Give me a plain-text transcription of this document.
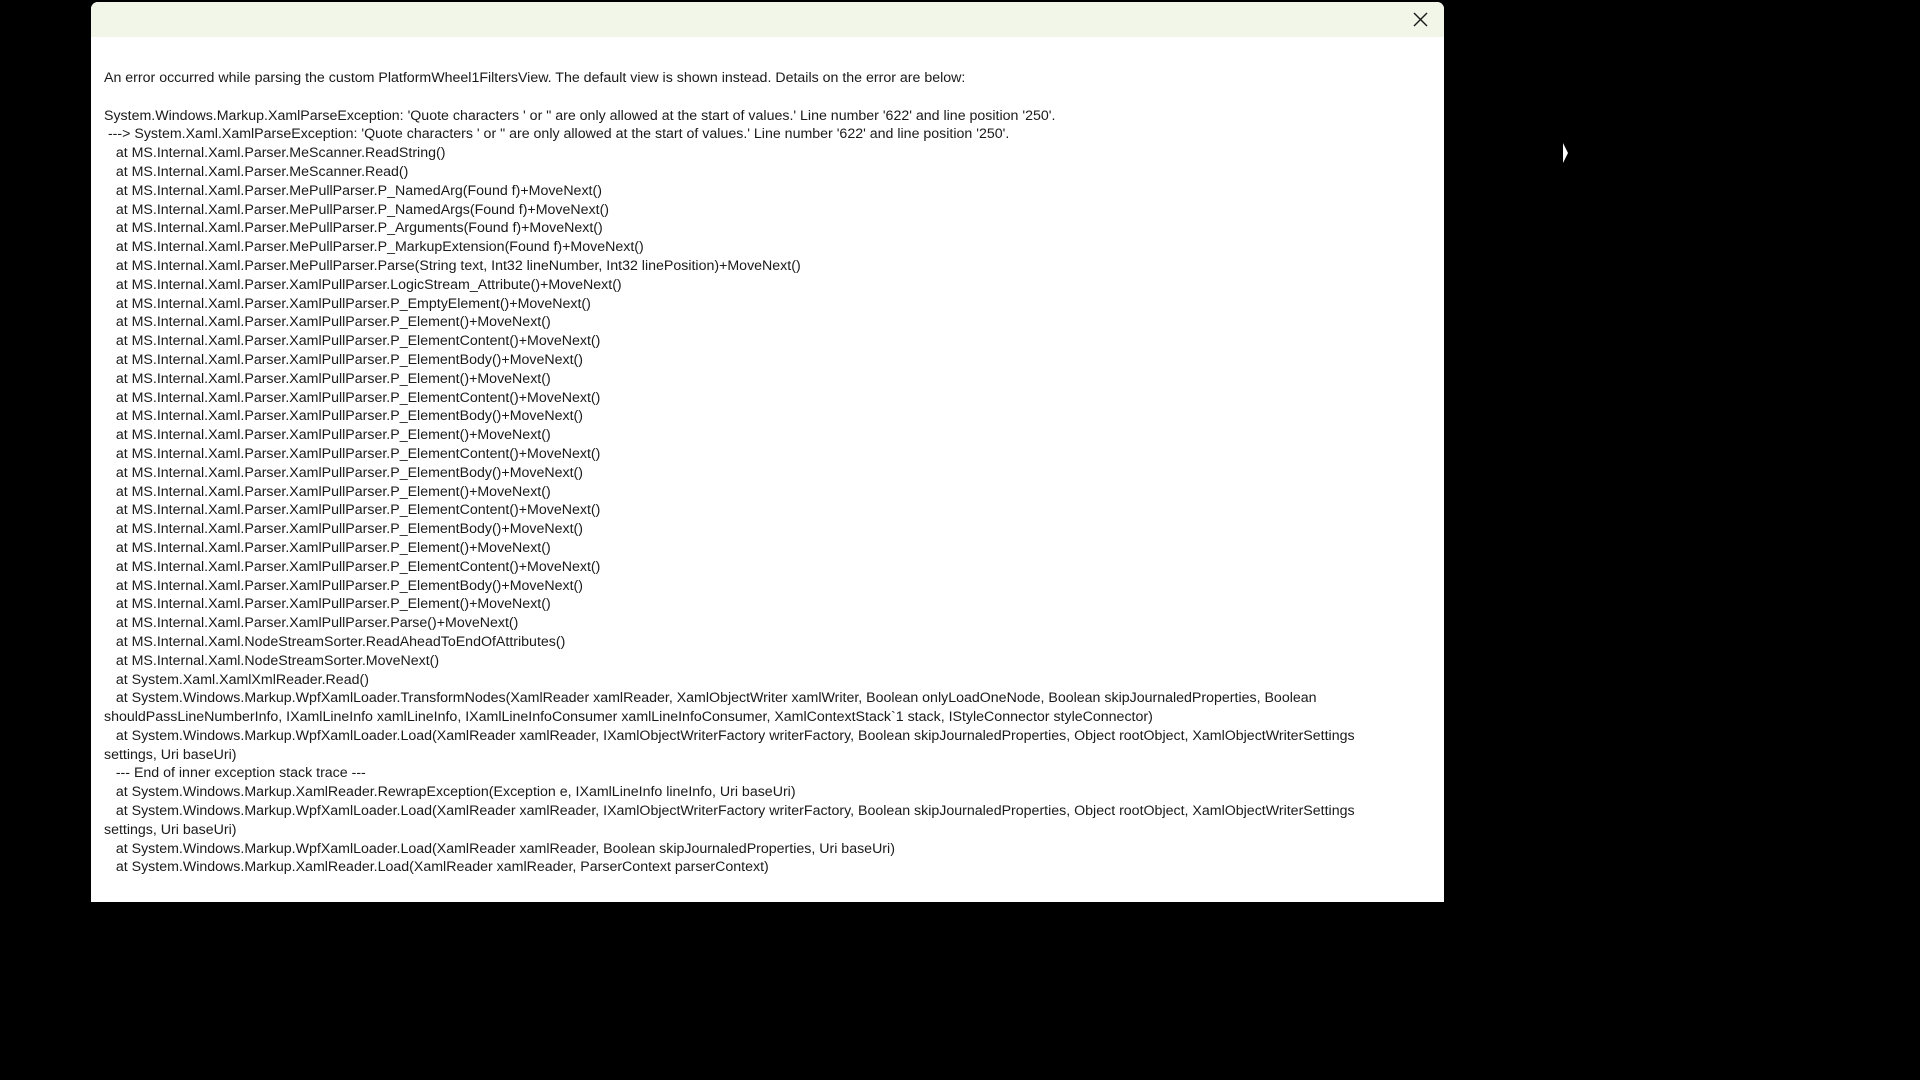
An error occurred while parsing the custom PlatformWheel1FiltersView. The default view is shown instead. Details on the error are below:
System.Windows.Markup.XamlParseException: 'Quote characters ' or " are only allowed at the start of values.' Line number '622' and line position '250'.
---> System.Xaml.XamlParseException: 'Quote characters ' or " are only allowed at the start of values.' Line number '622' and line position '250'.
at MS.Internal.Xaml.Parser.MeScanner.ReadString()
at MS.Internal.Xaml.Parser.MeScanner.Read()
at MS.Internal.Xaml.Parser.MePullParser.P_NamedArg(Found f)+MoveNext()
at MS.Internal.Xaml.Parser.MePullParser.P_NamedArgs(Found f)+MoveNext()
at MS.Internal.Xaml.Parser.MePullParser.P_Arguments(Found f)+MoveNext()
at MS.Internal.Xaml.Parser.MePullParser.P_MarkupExtension(Found f)+MoveNext()
at MS.Internal.Xaml.Parser.MePullParser.Parse(String text, Int32 lineNumber, Int32 linePosition)+MoveNext()
at MS.Internal.Xaml.Parser.XamlPullParser.LogicStream_Attribute()+MoveNext()
at MS.Internal.Xaml.Parser.XamlPullParser.P_EmptyElement()+MoveNext()
at MS.Internal.Xaml.Parser.XamlPullParser.P_Element()+MoveNext()
at MS.Internal.Xaml.Parser.XamlPullParser.P_ElementContent()+MoveNext()
at MS.Internal.Xaml.Parser.XamlPullParser.P_ElementBody()+MoveNext()
at MS.Internal.Xaml.Parser.XamlPullParser.P_Element()+MoveNext()
at MS.Internal.Xaml.Parser.XamlPullParser.P_ElementContent()+MoveNext()
at MS.Internal.Xaml.Parser.XamlPullParser.P_ElementBody()+MoveNext()
at MS.Internal.Xaml.Parser.XamlPullParser.P_Element()+MoveNext()
at MS.Internal.Xaml.Parser.XamlPullParser.P_ElementContent()+MoveNext()
at MS.Internal.Xaml.Parser.XamlPullParser.P_ElementBody()+MoveNext()
at MS.Internal.Xaml.Parser.XamlPullParser.P_Element()+MoveNext()
at MS.Internal.Xaml.Parser.XamlPullParser.P_ElementContent()+MoveNext()
at MS.Internal.Xaml.Parser.XamlPullParser.P_ElementBody()+MoveNext()
at MS.Internal.Xaml.Parser.XamlPullParser.P_Element()+MoveNext()
at MS.Internal.Xaml.Parser.XamlPullParser.P_ElementContent()+MoveNext()
at MS.Internal.Xaml.Parser.XamlPullParser.P_ElementBody()+MoveNext()
at MS.Internal.Xaml.Parser.XamlPullParser.P_Element()+MoveNext()
at MS.Internal.Xaml.Parser.XamlPullParser.Parse()+MoveNext()
at MS.Internal.Xaml.NodeStreamSorter.ReadAheadToEndOfAttributes()
at MS.Internal.Xaml.NodeStreamSorter.MoveNext()
at System.Xaml.XamlXmlReader.Read()
at System.Windows.Markup.WpfXamlLoader.TransformNodes(XamlReader xamlReader, XamlObjectWriter xamlWriter, Boolean onlyLoadOneNode, Boolean skipJournaledProperties, Boolean shouldPassLineNumberInfo, IXamlLineInfo xamlLineInfo, IXamlLineInfoConsumer xamlLineInfoConsumer, XamlContextStack`1 stack, IStyleConnector styleConnector)
at System.Windows.Markup.WpfXamlLoader.Load(XamlReader xamlReader, IXamlObjectWriterFactory writerFactory, Boolean skipJournaledProperties, Object rootObject, XamlObjectWriterSettings settings, Uri baseUri)
--- End of inner exception stack trace ---
at System.Windows.Markup.XamlReader.RewrapException(Exception e, IXamlLineInfo lineInfo, Uri baseUri)
at System.Windows.Markup.WpfXamlLoader.Load(XamlReader xamlReader, IXamlObjectWriterFactory writerFactory, Boolean skipJournaledProperties, Object rootObject, XamlObjectWriterSettings settings, Uri baseUri)
at System.Windows.Markup.WpfXamlLoader.Load(XamlReader xamlReader, Boolean skipJournaledProperties, Uri baseUri)
at System.Windows.Markup.XamlReader.Load(XamlReader xamlReader, ParserContext parserContext)
